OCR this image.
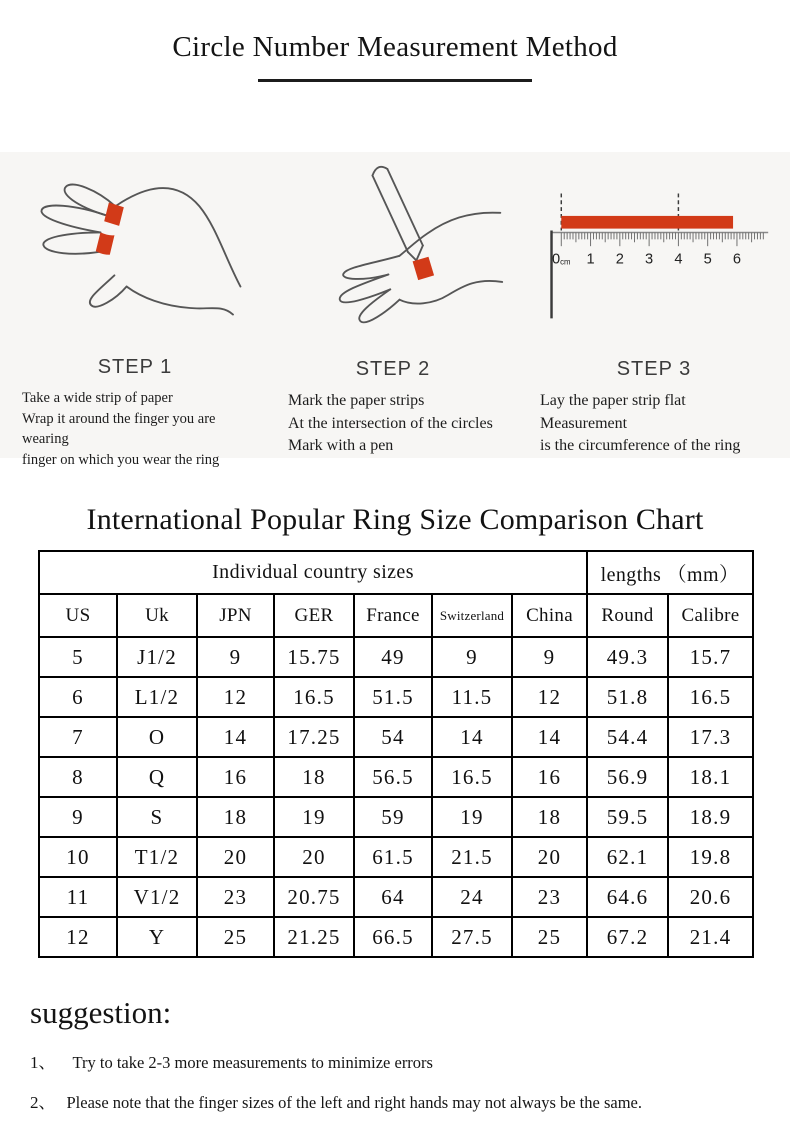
Circle Number Measurement Method
STEP 1
Take a wide strip of paper
Wrap it around the finger you are wearing
finger on which you wear the ring
STEP 2
Mark the paper strips
At the intersection of the circles
Mark with a pen
0cm 1 2 3 4 5 6
STEP 3
Lay the paper strip flat
Measurement
is the circumference of the ring
International Popular Ring Size Comparison Chart
Individual country sizes							lengths （mm）	
US	Uk	JPN	GER	France	Switzerland	China	Round	Calibre
5	J1/2	9	15.75	49	9	9	49.3	15.7
6	L1/2	12	16.5	51.5	11.5	12	51.8	16.5
7	O	14	17.25	54	14	14	54.4	17.3
8	Q	16	18	56.5	16.5	16	56.9	18.1
9	S	18	19	59	19	18	59.5	18.9
10	T1/2	20	20	61.5	21.5	20	62.1	19.8
11	V1/2	23	20.75	64	24	23	64.6	20.6
12	Y	25	21.25	66.5	27.5	25	67.2	21.4
suggestion:
1、 Try to take 2-3 more measurements to minimize errors
2、 Please note that the finger sizes of the left and right hands may not always be the same.
